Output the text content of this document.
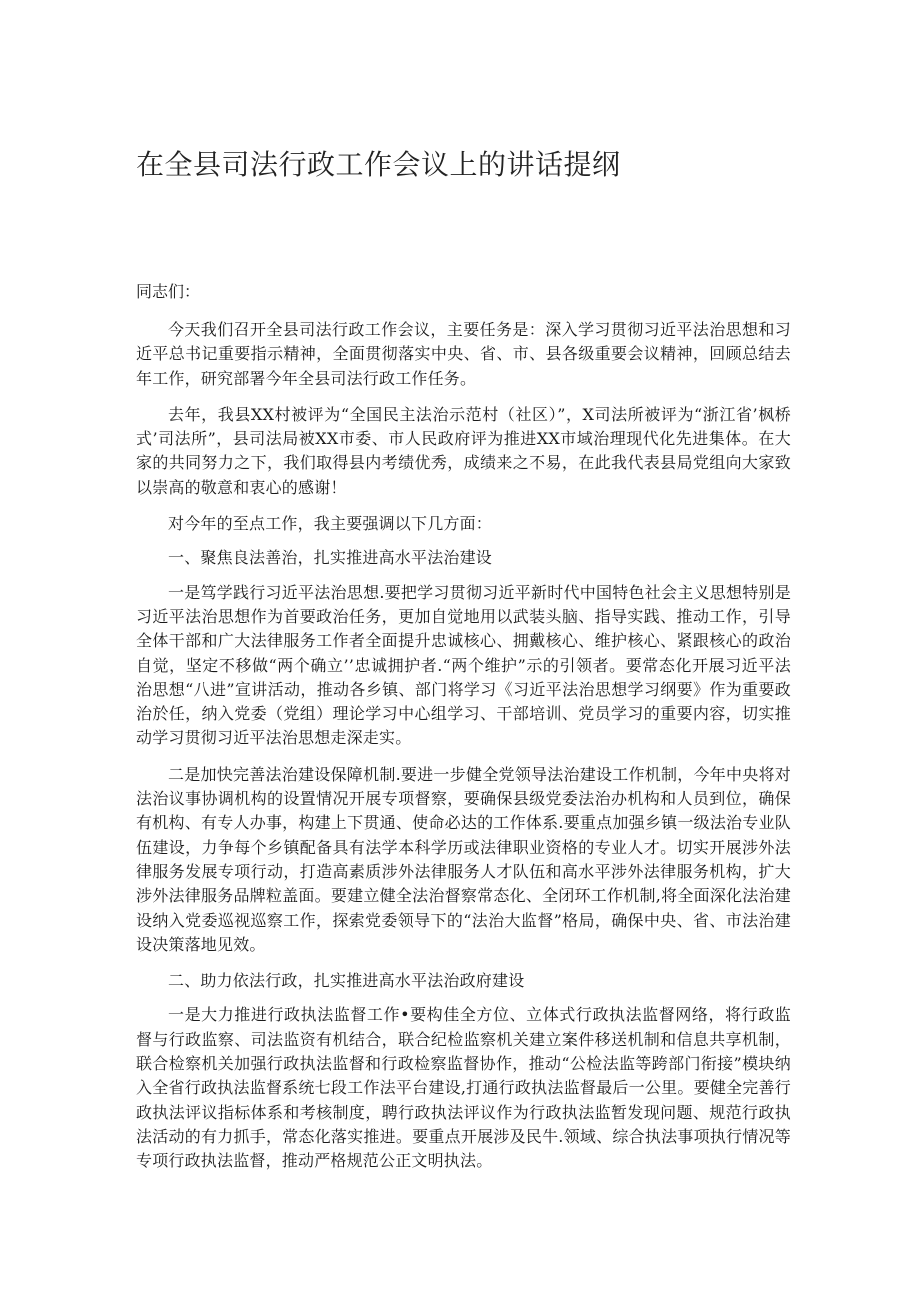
在全县司法行政工作会议上的讲话提纲

同志们：

今天我们召开全县司法行政工作会议，主要任务是：深入学习贯彻习近平法治思想和习近平总书记重要指示精神，全面贯彻落实中央、省、市、县各级重要会议精神，回顾总结去年工作，研究部署今年全县司法行政工作任务。

去年，我县XX村被评为“全国民主法治示范村（社区）”，X司法所被评为“浙江省’枫桥式’司法所”，县司法局被XX市委、市人民政府评为推进XX市域治理现代化先进集体。在大家的共同努力之下，我们取得县内考绩优秀，成绩来之不易，在此我代表县局党组向大家致以崇高的敬意和衷心的感谢！

对今年的至点工作，我主要强调以下几方面：

一、聚焦良法善治，扎实推进高水平法治建设

一是笃学践行习近平法治思想.要把学习贯彻习近平新时代中国特色社会主义思想特别是习近平法治思想作为首要政治任务，更加自觉地用以武装头脑、指导实践、推动工作，引导全体干部和广大法律服务工作者全面提升忠诚核心、拥戴核心、维护核心、紧跟核心的政治自觉，坚定不移做“两个确立’’忠诚拥护者.“两个维护”示的引领者。要常态化开展习近平法治思想“八进”宣讲活动，推动各乡镇、部门将学习《习近平法治思想学习纲要》作为重要政治於任，纳入党委（党组）理论学习中心组学习、干部培训、党员学习的重要内容，切实推动学习贯彻习近平法治思想走深走实。

二是加快完善法治建设保障机制.要进一步健全党领导法治建设工作机制，今年中央将对法治议事协调机构的设置情况开展专项督察，要确保县级党委法治办机构和人员到位，确保有机构、有专人办事，构建上下贯通、使命必达的工作体系.要重点加强乡镇一级法治专业队伍建设，力争每个乡镇配备具有法学本科学历或法律职业资格的专业人才。切实开展涉外法律服务发展专项行动，打造高素质涉外法律服务人才队伍和高水平涉外法律服务机构，扩大涉外法律服务品牌粒盖面。要建立健全法治督察常态化、全闭环工作机制,将全面深化法治建设纳入党委巡视巡察工作，探索党委领导下的“法治大监督”格局，确保中央、省、市法治建设决策落地见效。

二、助力依法行政，扎实推进高水平法治政府建设

一是大力推进行政执法监督工作•要构佳全方位、立体式行政执法监督网络，将行政监督与行政监察、司法监资有机结合，联合纪检监察机关建立案件移送机制和信息共享机制，联合检察机关加强行政执法监督和行政检察监督协作，推动“公检法监等跨部门衔接”模块纳入全省行政执法监督系统七段工作法平台建设,打通行政执法监督最后一公里。要健全完善行政执法评议指标体系和考核制度，聘行政执法评议作为行政执法监暂发现问题、规范行政执法活动的有力抓手，常态化落实推进。要重点开展涉及民牛.领域、综合执法事项执行情况等专项行政执法监督，推动严格规范公正文明执法。
